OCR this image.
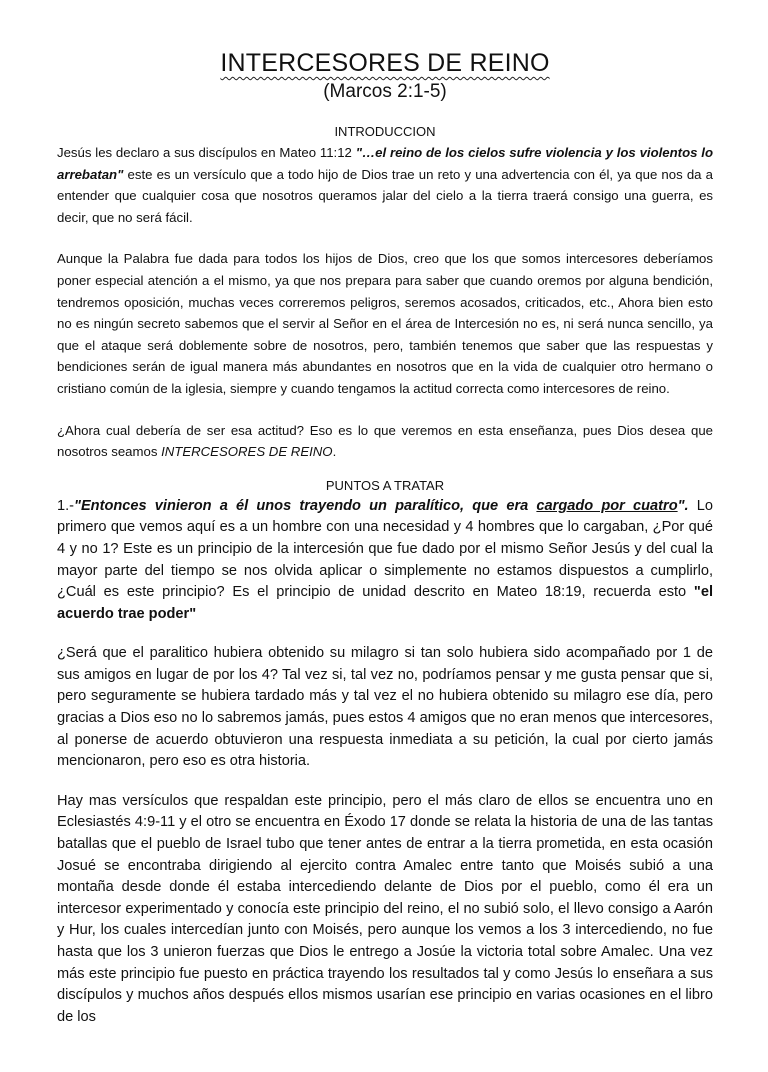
INTERCESORES DE REINO
(Marcos 2:1-5)
INTRODUCCION

Jesús les declaro a sus discípulos en Mateo 11:12 "…el reino de los cielos sufre violencia y los violentos lo arrebatan" este es un versículo que a todo hijo de Dios trae un reto y una advertencia con él, ya que nos da a entender que cualquier cosa que nosotros queramos jalar del cielo a la tierra traerá consigo una guerra, es decir, que no será fácil.

Aunque la Palabra fue dada para todos los hijos de Dios, creo que los que somos intercesores deberíamos poner especial atención a el mismo, ya que nos prepara para saber que cuando oremos por alguna bendición, tendremos oposición, muchas veces correremos peligros, seremos acosados, criticados, etc., Ahora bien esto no es ningún secreto sabemos que el servir al Señor en el área de Intercesión no es, ni será nunca sencillo, ya que el ataque será doblemente sobre de nosotros, pero, también tenemos que saber que las respuestas y bendiciones serán de igual manera más abundantes en nosotros que en la vida de cualquier otro hermano o cristiano común de la iglesia, siempre y cuando tengamos la actitud correcta como intercesores de reino.

¿Ahora cual debería de ser esa actitud? Eso es lo que veremos en esta enseñanza, pues Dios desea que nosotros seamos INTERCESORES DE REINO.

PUNTOS A TRATAR

1.-"Entonces vinieron a él unos trayendo un paralítico, que era cargado por cuatro". Lo primero que vemos aquí es a un hombre con una necesidad y 4 hombres que lo cargaban, ¿Por qué 4 y no 1? Este es un principio de la intercesión que fue dado por el mismo Señor Jesús y del cual la mayor parte del tiempo se nos olvida aplicar o simplemente no estamos dispuestos a cumplirlo, ¿Cuál es este principio? Es el principio de unidad descrito en Mateo 18:19, recuerda esto "el acuerdo trae poder"

¿Será que el paralitico hubiera obtenido su milagro si tan solo hubiera sido acompañado por 1 de sus amigos en lugar de por los 4? Tal vez si, tal vez no, podríamos pensar y me gusta pensar que si, pero seguramente se hubiera tardado más y tal vez el no hubiera obtenido su milagro ese día, pero gracias a Dios eso no lo sabremos jamás, pues estos 4 amigos que no eran menos que intercesores, al ponerse de acuerdo obtuvieron una respuesta inmediata a su petición, la cual por cierto jamás mencionaron, pero eso es otra historia.

Hay mas versículos que respaldan este principio, pero el más claro de ellos se encuentra uno en Eclesiastés 4:9-11 y el otro se encuentra en Éxodo 17 donde se relata la historia de una de las tantas batallas que el pueblo de Israel tubo que tener antes de entrar a la tierra prometida, en esta ocasión Josué se encontraba dirigiendo al ejercito contra Amalec entre tanto que Moisés subió a una montaña desde donde él estaba intercediendo delante de Dios por el pueblo, como él era un intercesor experimentado y conocía este principio del reino, el no subió solo, el llevo consigo a Aarón y Hur, los cuales intercedían junto con Moisés, pero aunque los vemos a los 3 intercediendo, no fue hasta que los 3 unieron fuerzas que Dios le entrego a Josúe la victoria total sobre Amalec. Una vez más este principio fue puesto en práctica trayendo los resultados tal y como Jesús lo enseñara a sus discípulos y muchos años después ellos mismos usarían ese principio en varias ocasiones en el libro de los
